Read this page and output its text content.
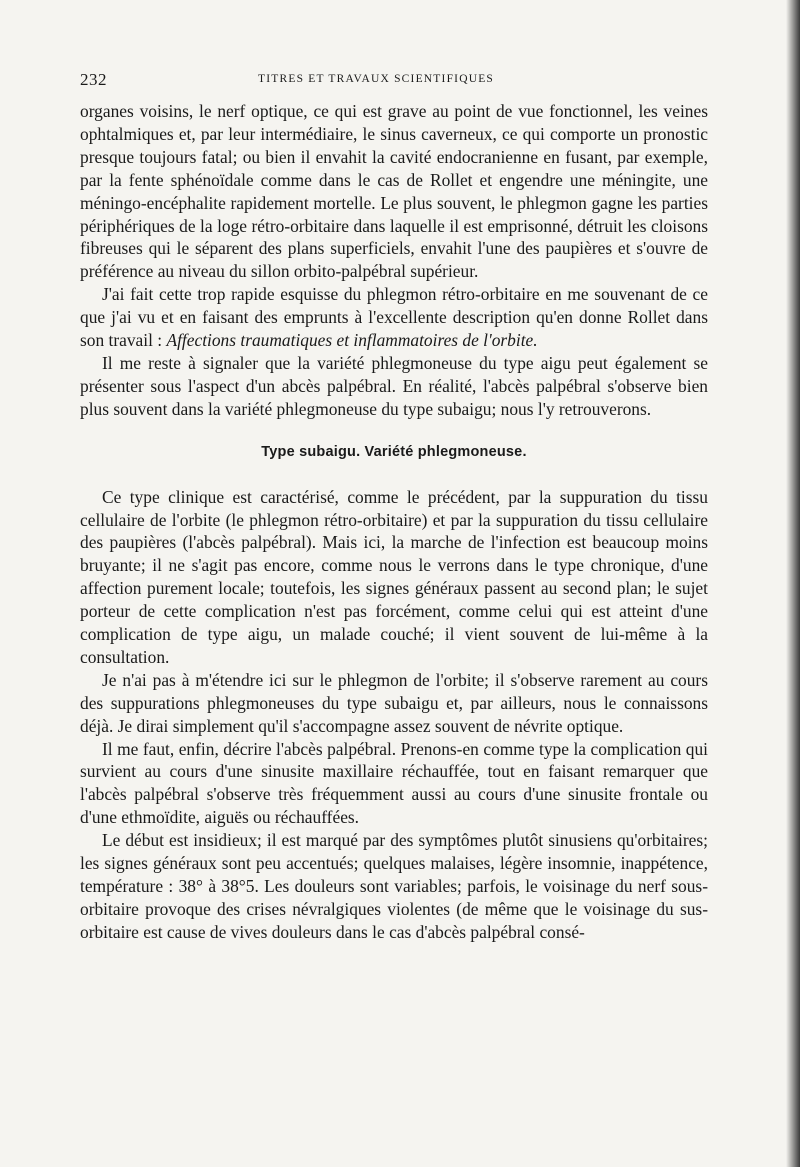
232	TITRES ET TRAVAUX SCIENTIFIQUES

organes voisins, le nerf optique, ce qui est grave au point de vue fonctionnel, les veines ophtalmiques et, par leur intermédiaire, le sinus caverneux, ce qui comporte un pronostic presque toujours fatal; ou bien il envahit la cavité endocranienne en fusant, par exemple, par la fente sphénoïdale comme dans le cas de Rollet et engendre une méningite, une méningo-encéphalite rapidement mortelle. Le plus souvent, le phlegmon gagne les parties périphériques de la loge rétro-orbitaire dans laquelle il est emprisonné, détruit les cloisons fibreuses qui le séparent des plans superficiels, envahit l'une des paupières et s'ouvre de préférence au niveau du sillon orbito-palpébral supérieur.

J'ai fait cette trop rapide esquisse du phlegmon rétro-orbitaire en me souvenant de ce que j'ai vu et en faisant des emprunts à l'excellente description qu'en donne Rollet dans son travail : Affections traumatiques et inflammatoires de l'orbite.

Il me reste à signaler que la variété phlegmoneuse du type aigu peut également se présenter sous l'aspect d'un abcès palpébral. En réalité, l'abcès palpébral s'observe bien plus souvent dans la variété phlegmoneuse du type subaigu; nous l'y retrouverons.

Type subaigu. Variété phlegmoneuse.

Ce type clinique est caractérisé, comme le précédent, par la suppuration du tissu cellulaire de l'orbite (le phlegmon rétro-orbitaire) et par la suppuration du tissu cellulaire des paupières (l'abcès palpébral). Mais ici, la marche de l'infection est beaucoup moins bruyante; il ne s'agit pas encore, comme nous le verrons dans le type chronique, d'une affection purement locale; toutefois, les signes généraux passent au second plan; le sujet porteur de cette complication n'est pas forcément, comme celui qui est atteint d'une complication de type aigu, un malade couché; il vient souvent de lui-même à la consultation.

Je n'ai pas à m'étendre ici sur le phlegmon de l'orbite; il s'observe rarement au cours des suppurations phlegmoneuses du type subaigu et, par ailleurs, nous le connaissons déjà. Je dirai simplement qu'il s'accompagne assez souvent de névrite optique.

Il me faut, enfin, décrire l'abcès palpébral. Prenons-en comme type la complication qui survient au cours d'une sinusite maxillaire réchauffée, tout en faisant remarquer que l'abcès palpébral s'observe très fréquemment aussi au cours d'une sinusite frontale ou d'une ethmoïdite, aiguës ou réchauffées.

Le début est insidieux; il est marqué par des symptômes plutôt sinusiens qu'orbitaires; les signes généraux sont peu accentués; quelques malaises, légère insomnie, inappétence, température : 38° à 38°5. Les douleurs sont variables; parfois, le voisinage du nerf sous-orbitaire provoque des crises névralgiques violentes (de même que le voisinage du sus-orbitaire est cause de vives douleurs dans le cas d'abcès palpébral consé-
